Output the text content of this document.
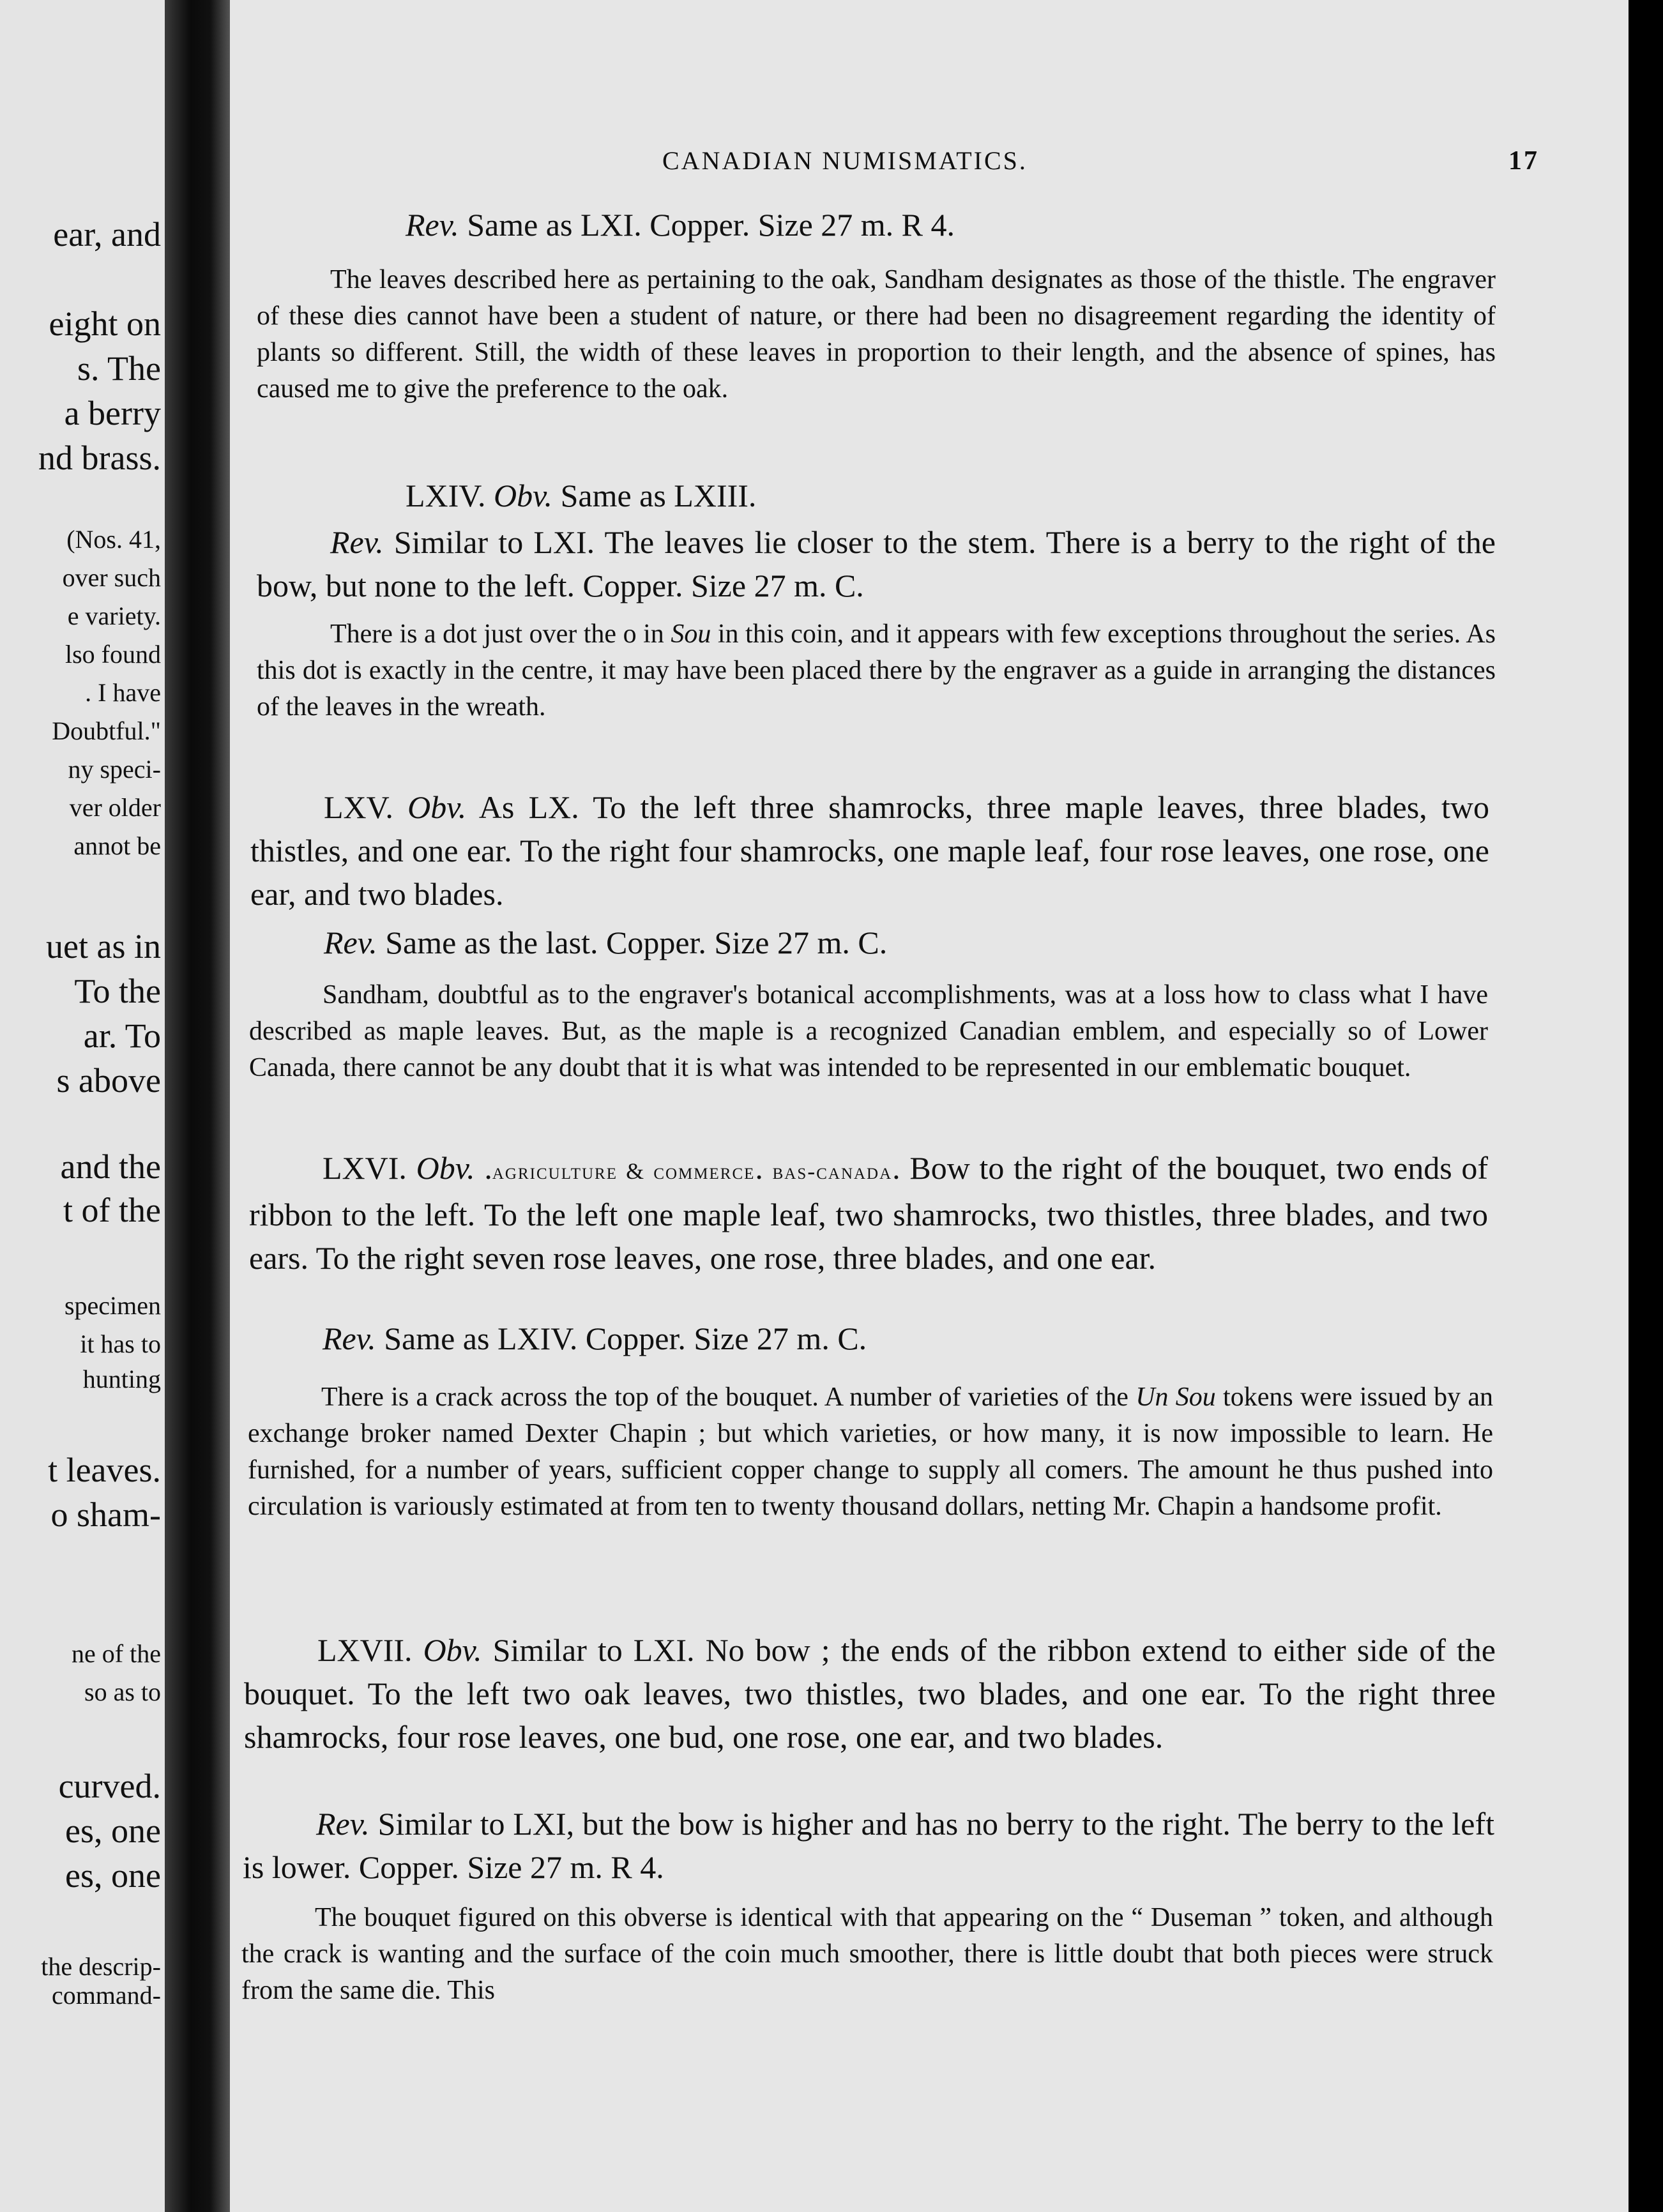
ear, and
eight on
s. The
a berry
nd brass.
(Nos. 41,
over such
e variety.
lso found
. I have
Doubtful."
ny speci-
ver older
annot be
uet as in
To the
ar. To
s above
and the
t of the
specimen
it has to
hunting
t leaves.
o sham-
ne of the
so as to
curved.
es, one
es, one
the descrip-
command-
CANADIAN NUMISMATICS.	17

Rev. Same as LXI. Copper. Size 27 m. R 4.

The leaves described here as pertaining to the oak, Sandham designates as those of the thistle. The engraver of these dies cannot have been a student of nature, or there had been no disagreement regarding the identity of plants so different. Still, the width of these leaves in proportion to their length, and the absence of spines, has caused me to give the preference to the oak.

LXIV. Obv. Same as LXIII.

Rev. Similar to LXI. The leaves lie closer to the stem. There is a berry to the right of the bow, but none to the left. Copper. Size 27 m. C.

There is a dot just over the o in Sou in this coin, and it appears with few exceptions throughout the series. As this dot is exactly in the centre, it may have been placed there by the engraver as a guide in arranging the distances of the leaves in the wreath.

LXV. Obv. As LX. To the left three shamrocks, three maple leaves, three blades, two thistles, and one ear. To the right four shamrocks, one maple leaf, four rose leaves, one rose, one ear, and two blades.

Rev. Same as the last. Copper. Size 27 m. C.

Sandham, doubtful as to the engraver's botanical accomplishments, was at a loss how to class what I have described as maple leaves. But, as the maple is a recognized Canadian emblem, and especially so of Lower Canada, there cannot be any doubt that it is what was intended to be represented in our emblematic bouquet.

LXVI. Obv. .agriculture & commerce. bas-canada. Bow to the right of the bouquet, two ends of ribbon to the left. To the left one maple leaf, two shamrocks, two thistles, three blades, and two ears. To the right seven rose leaves, one rose, three blades, and one ear.

Rev. Same as LXIV. Copper. Size 27 m. C.

There is a crack across the top of the bouquet. A number of varieties of the Un Sou tokens were issued by an exchange broker named Dexter Chapin ; but which varieties, or how many, it is now impossible to learn. He furnished, for a number of years, sufficient copper change to supply all comers. The amount he thus pushed into circulation is variously estimated at from ten to twenty thousand dollars, netting Mr. Chapin a handsome profit.

LXVII. Obv. Similar to LXI. No bow ; the ends of the ribbon extend to either side of the bouquet. To the left two oak leaves, two thistles, two blades, and one ear. To the right three shamrocks, four rose leaves, one bud, one rose, one ear, and two blades.

Rev. Similar to LXI, but the bow is higher and has no berry to the right. The berry to the left is lower. Copper. Size 27 m. R 4.

The bouquet figured on this obverse is identical with that appearing on the “ Duseman ” token, and although the crack is wanting and the surface of the coin much smoother, there is little doubt that both pieces were struck from the same die. This
